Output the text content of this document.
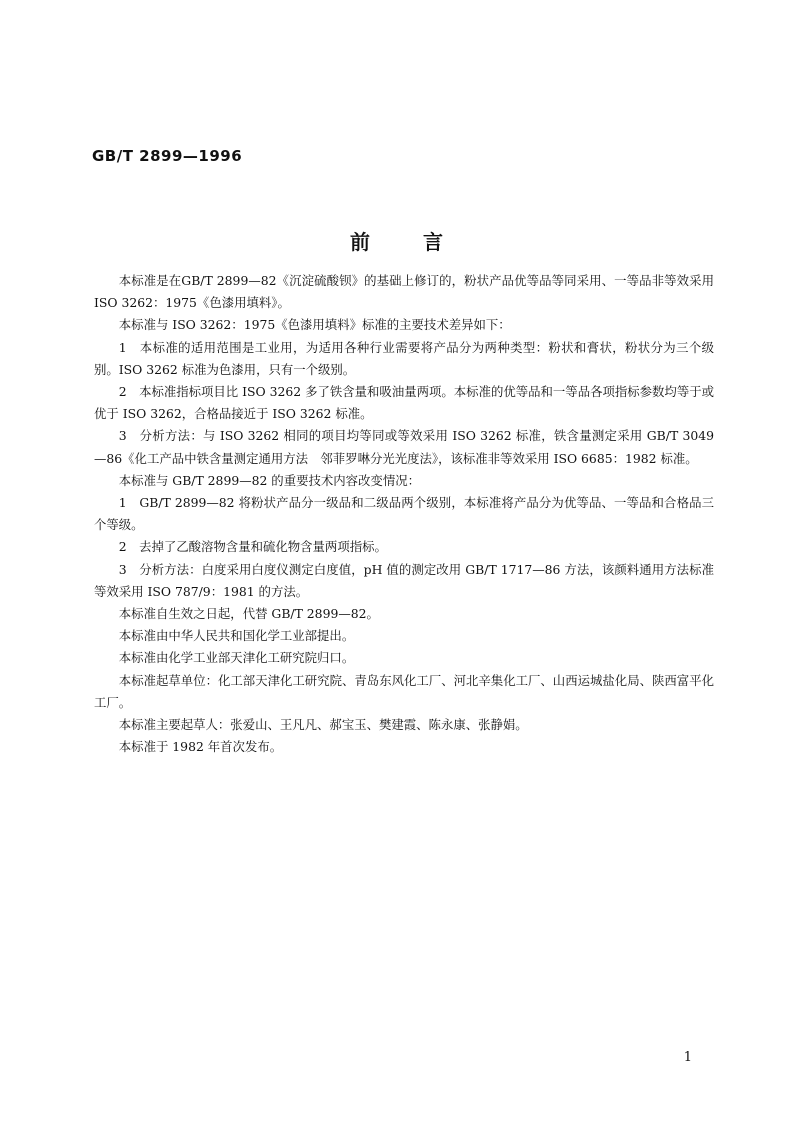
GB/T 2899—1996
前	言

本标准是在GB/T 2899—82《沉淀硫酸钡》的基础上修订的，粉状产品优等品等同采用、一等品非等效采用 ISO 3262：1975《色漆用填料》。

本标准与 ISO 3262：1975《色漆用填料》标准的主要技术差异如下：

1　本标准的适用范围是工业用，为适用各种行业需要将产品分为两种类型：粉状和膏状，粉状分为三个级别。ISO 3262 标准为色漆用，只有一个级别。

2　本标准指标项目比 ISO 3262 多了铁含量和吸油量两项。本标准的优等品和一等品各项指标参数均等于或优于 ISO 3262，合格品接近于 ISO 3262 标准。

3　分析方法：与 ISO 3262 相同的项目均等同或等效采用 ISO 3262 标准，铁含量测定采用 GB/T 3049—86《化工产品中铁含量测定通用方法　邻菲罗啉分光光度法》，该标准非等效采用 ISO 6685：1982 标准。

本标准与 GB/T 2899—82 的重要技术内容改变情况：

1　GB/T 2899—82 将粉状产品分一级品和二级品两个级别，本标准将产品分为优等品、一等品和合格品三个等级。

2　去掉了乙酸溶物含量和硫化物含量两项指标。

3　分析方法：白度采用白度仪测定白度值，pH 值的测定改用 GB/T 1717—86 方法，该颜料通用方法标准等效采用 ISO 787/9：1981 的方法。

本标准自生效之日起，代替 GB/T 2899—82。

本标准由中华人民共和国化学工业部提出。

本标准由化学工业部天津化工研究院归口。

本标准起草单位：化工部天津化工研究院、青岛东风化工厂、河北辛集化工厂、山西运城盐化局、陕西富平化工厂。

本标准主要起草人：张爱山、王凡凡、郝宝玉、樊建霞、陈永康、张静娟。

本标准于 1982 年首次发布。

1
